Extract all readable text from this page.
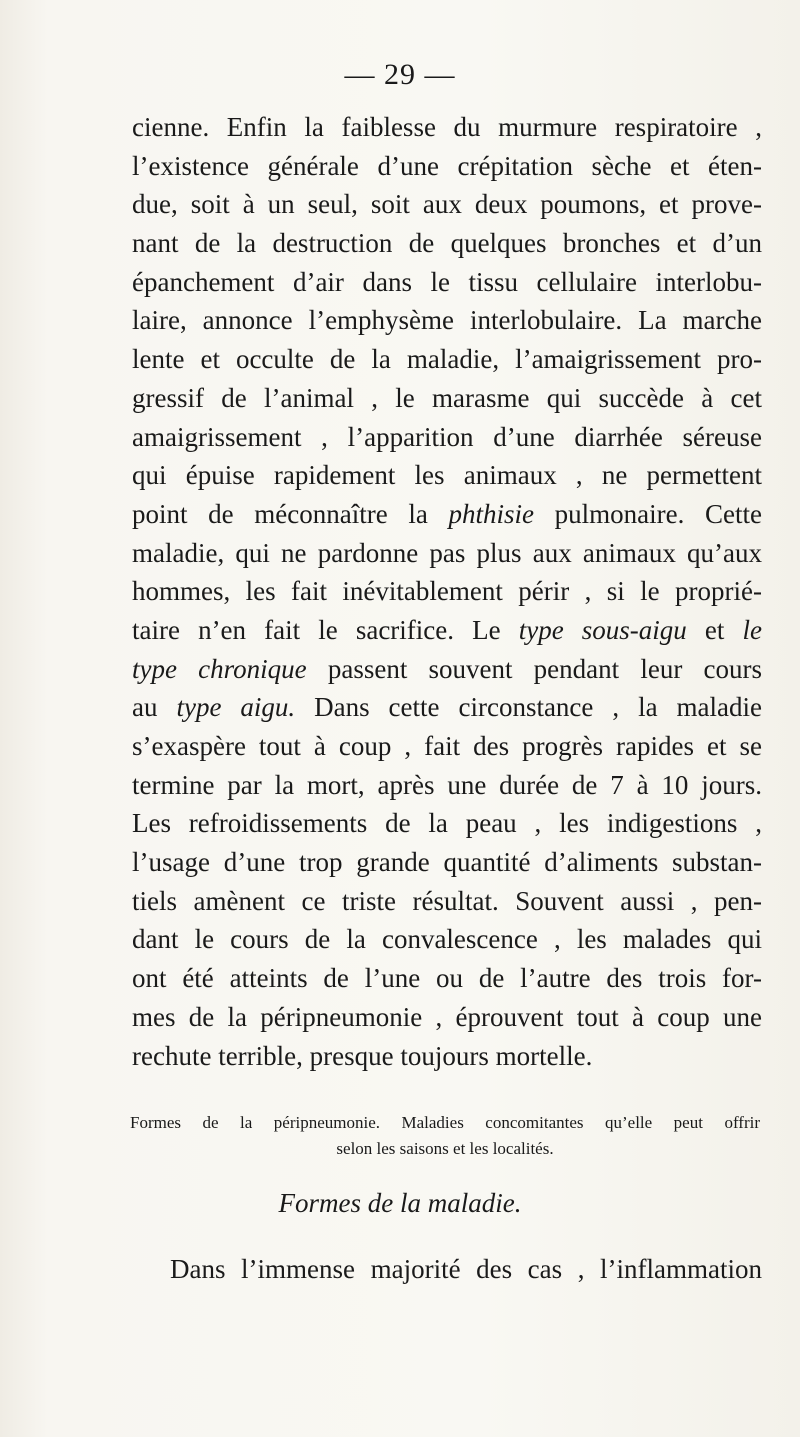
— 29 —
cienne. Enfin la faiblesse du murmure respiratoire ,
l’existence générale d’une crépitation sèche et éten-
due, soit à un seul, soit aux deux poumons, et prove-
nant de la destruction de quelques bronches et d’un
épanchement d’air dans le tissu cellulaire interlobu-
laire, annonce l’emphysème interlobulaire. La marche
lente et occulte de la maladie, l’amaigrissement pro-
gressif de l’animal , le marasme qui succède à cet
amaigrissement , l’apparition d’une diarrhée séreuse
qui épuise rapidement les animaux , ne permettent
point de méconnaître la phthisie pulmonaire. Cette
maladie, qui ne pardonne pas plus aux animaux qu’aux
hommes, les fait inévitablement périr , si le proprié-
taire n’en fait le sacrifice. Le type sous-aigu et le
type chronique passent souvent pendant leur cours
au type aigu. Dans cette circonstance , la maladie
s’exaspère tout à coup , fait des progrès rapides et se
termine par la mort, après une durée de 7 à 10 jours.
Les refroidissements de la peau , les indigestions ,
l’usage d’une trop grande quantité d’aliments substan-
tiels amènent ce triste résultat. Souvent aussi , pen-
dant le cours de la convalescence , les malades qui
ont été atteints de l’une ou de l’autre des trois for-
mes de la péripneumonie , éprouvent tout à coup une
rechute terrible, presque toujours mortelle.
Formes de la péripneumonie. Maladies concomitantes qu’elle peut offrir
selon les saisons et les localités.
Formes de la maladie.
Dans l’immense majorité des cas , l’inflammation
